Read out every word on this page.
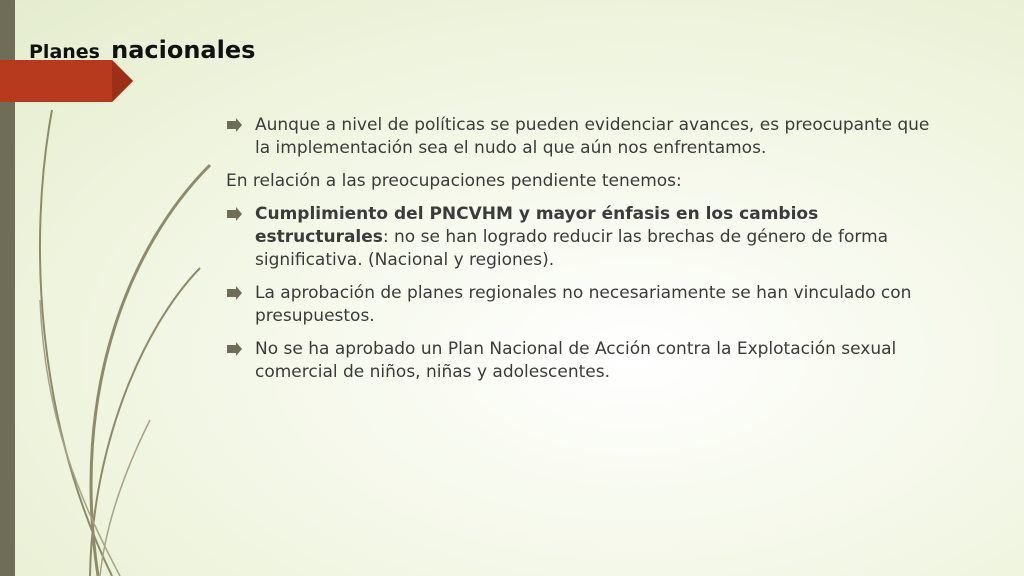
Planes nacionales
Aunque a nivel de políticas se pueden evidenciar avances, es preocupante que la implementación sea el nudo al que aún nos enfrentamos.
En relación a las preocupaciones pendiente tenemos:
Cumplimiento del PNCVHM y mayor énfasis en los cambios estructurales: no se han logrado reducir las brechas de género de forma significativa. (Nacional y regiones).
La aprobación de planes regionales no necesariamente se han vinculado con presupuestos.
No se ha aprobado un Plan Nacional de Acción contra la Explotación sexual comercial de niños, niñas y adolescentes.
